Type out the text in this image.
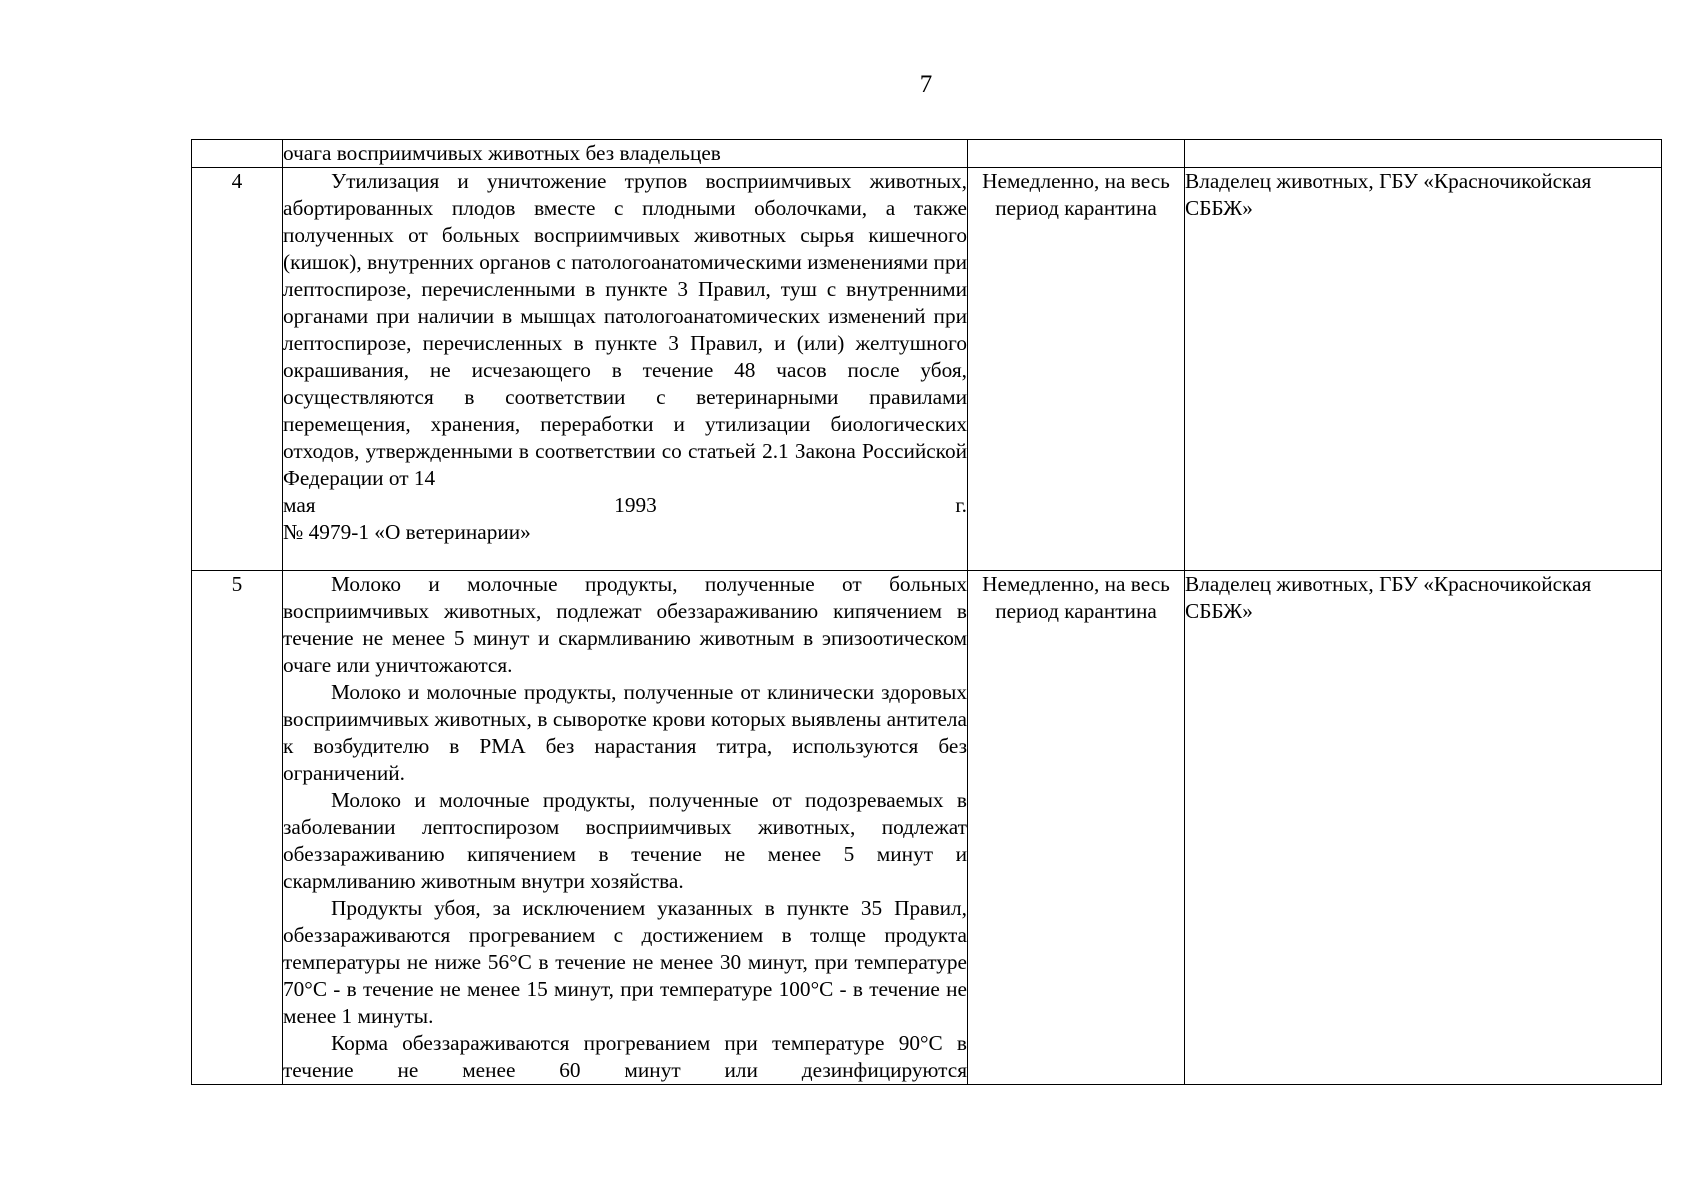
7

	очага восприимчивых животных без владельцев		

4	Утилизация и уничтожение трупов восприимчивых животных, абортированных плодов вместе с плодными оболочками, а также полученных от больных восприимчивых животных сырья кишечного (кишок), внутренних органов с патологоанатомическими изменениями при лептоспирозе, перечисленными в пункте 3 Правил, туш с внутренними органами при наличии в мышцах патологоанатомических изменений при лептоспирозе, перечисленных в пункте 3 Правил, и (или) желтушного окрашивания, не исчезающего в течение 48 часов после убоя, осуществляются в соответствии с ветеринарными правилами перемещения, хранения, переработки и утилизации биологических отходов, утвержденными в соответствии со статьей 2.1 Закона Российской Федерации от 14

мая 1993 г.

№ 4979-1 «О ветеринарии»	Немедленно, на весь период карантина	Владелец животных, ГБУ «Красночикойская СББЖ»
5	Молоко и молочные продукты, полученные от больных восприимчивых животных, подлежат обеззараживанию кипячением в течение не менее 5 минут и скармливанию животным в эпизоотическом очаге или уничтожаются.

Молоко и молочные продукты, полученные от клинически здоровых восприимчивых животных, в сыворотке крови которых выявлены антитела к возбудителю в РМА без нарастания титра, используются без ограничений.

Молоко и молочные продукты, полученные от подозреваемых в заболевании лептоспирозом восприимчивых животных, подлежат обеззараживанию кипячением в течение не менее 5 минут и скармливанию животным внутри хозяйства.

Продукты убоя, за исключением указанных в пункте 35 Правил, обеззараживаются прогреванием с достижением в толще продукта температуры не ниже 56°С в течение не менее 30 минут, при температуре 70°С - в течение не менее 15 минут, при температуре 100°С - в течение не менее 1 минуты.

Корма обеззараживаются прогреванием при температуре 90°С в течение не менее 60 минут или дезинфицируются	Немедленно, на весь период карантина	Владелец животных, ГБУ «Красночикойская СББЖ»
